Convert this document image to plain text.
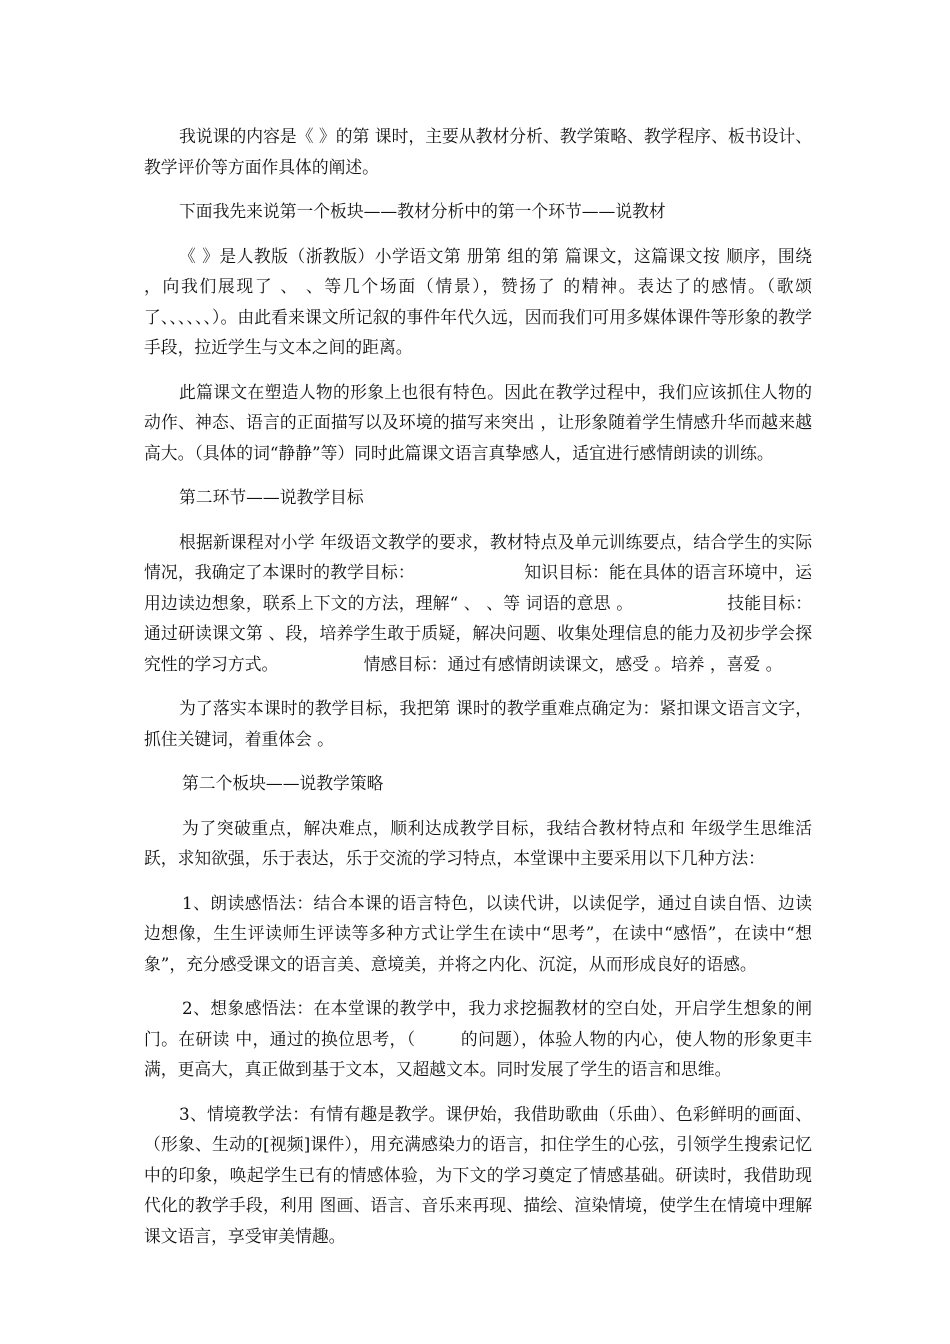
我说课的内容是《 》的第 课时，主要从教材分析、教学策略、教学程序、板书设计、教学评价等方面作具体的阐述。

下面我先来说第一个板块——教材分析中的第一个环节——说教材

《 》是人教版（浙教版）小学语文第 册第 组的第 篇课文，这篇课文按 顺序，围绕 ，向我们展现了 、 、等几个场面（情景），赞扬了 的精神。表达了的感情。（歌颂了、、、、、、）。由此看来课文所记叙的事件年代久远，因而我们可用多媒体课件等形象的教学手段，拉近学生与文本之间的距离。

此篇课文在塑造人物的形象上也很有特色。因此在教学过程中，我们应该抓住人物的动作、神态、语言的正面描写以及环境的描写来突出 ，让形象随着学生情感升华而越来越高大。（具体的词“静静”等）同时此篇课文语言真挚感人，适宜进行感情朗读的训练。

第二环节——说教学目标

根据新课程对小学 年级语文教学的要求，教材特点及单元训练要点，结合学生的实际情况，我确定了本课时的教学目标：                    知识目标：能在具体的语言环境中，运用边读边想象，联系上下文的方法，理解“ 、 、等 词语的意思 。                 技能目标：通过研读课文第 、段，培养学生敢于质疑，解决问题、收集处理信息的能力及初步学会探究性的学习方式。                情感目标：通过有感情朗读课文，感受 。培养 ，喜爱 。

为了落实本课时的教学目标，我把第 课时的教学重难点确定为：紧扣课文语言文字，抓住关键词，着重体会 。

第二个板块——说教学策略

为了突破重点，解决难点，顺利达成教学目标，我结合教材特点和 年级学生思维活跃，求知欲强，乐于表达，乐于交流的学习特点，本堂课中主要采用以下几种方法：

1、朗读感悟法：结合本课的语言特色，以读代讲，以读促学，通过自读自悟、边读边想像，生生评读师生评读等多种方式让学生在读中“思考”，在读中“感悟”，在读中“想象”，充分感受课文的语言美、意境美，并将之内化、沉淀，从而形成良好的语感。

2、想象感悟法：在本堂课的教学中，我力求挖掘教材的空白处，开启学生想象的闸门。在研读 中，通过的换位思考，（        的问题），体验人物的内心，使人物的形象更丰满，更高大，真正做到基于文本，又超越文本。同时发展了学生的语言和思维。

3、情境教学法：有情有趣是教学。课伊始，我借助歌曲（乐曲）、色彩鲜明的画面、（形象、生动的[视频]课件），用充满感染力的语言，扣住学生的心弦，引领学生搜索记忆中的印象，唤起学生已有的情感体验，为下文的学习奠定了情感基础。研读时，我借助现代化的教学手段，利用 图画、语言、音乐来再现、描绘、渲染情境，使学生在情境中理解课文语言，享受审美情趣。
